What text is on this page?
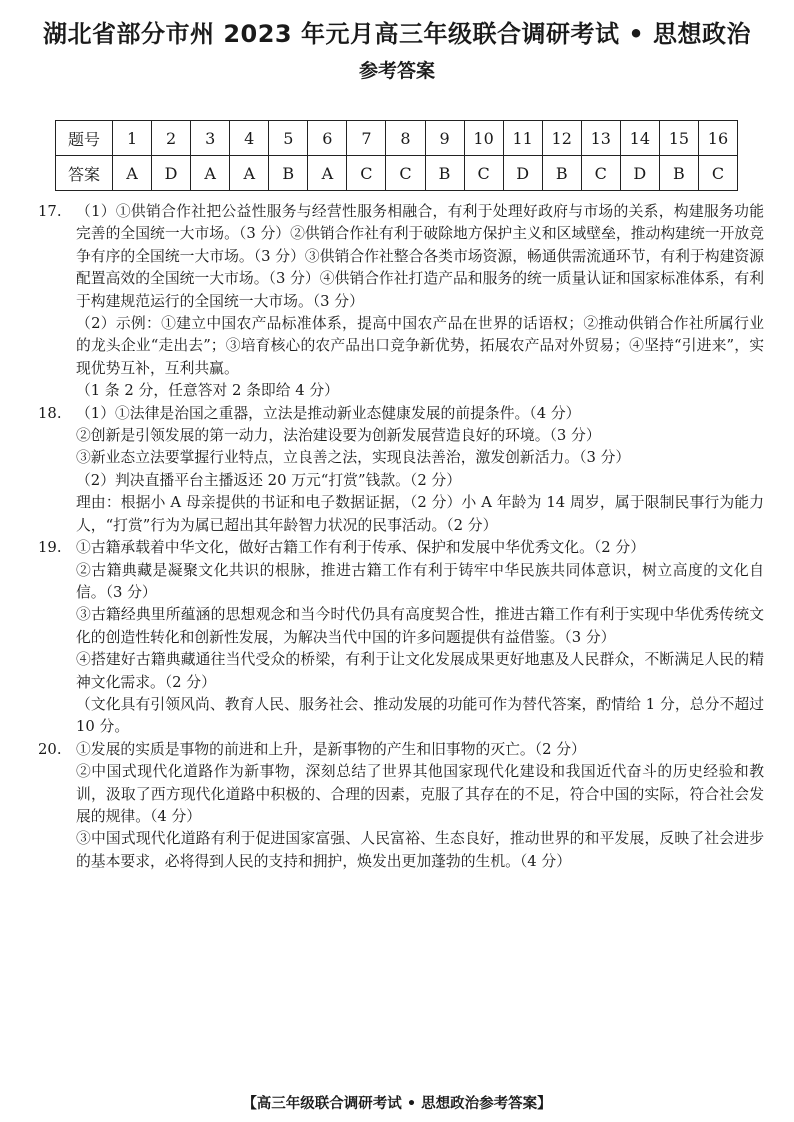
湖北省部分市州 2023 年元月高三年级联合调研考试 • 思想政治
参考答案
题号	1	2	3	4	5	6	7	8	9	10	11	12	13	14	15	16
答案	A	D	A	A	B	A	C	C	B	C	D	B	C	D	B	C
17. （1）①供销合作社把公益性服务与经营性服务相融合，有利于处理好政府与市场的关系，构建服务功能完善的全国统一大市场。（3 分）②供销合作社有利于破除地方保护主义和区域壁垒，推动构建统一开放竞争有序的全国统一大市场。（3 分）③供销合作社整合各类市场资源，畅通供需流通环节，有利于构建资源配置高效的全国统一大市场。（3 分）④供销合作社打造产品和服务的统一质量认证和国家标准体系，有利于构建规范运行的全国统一大市场。（3 分）

（2）示例：①建立中国农产品标准体系，提高中国农产品在世界的话语权；②推动供销合作社所属行业的龙头企业“走出去”；③培育核心的农产品出口竞争新优势，拓展农产品对外贸易；④坚持“引进来”，实现优势互补，互利共赢。

（1 条 2 分，任意答对 2 条即给 4 分）

18. （1）①法律是治国之重器，立法是推动新业态健康发展的前提条件。（4 分）

②创新是引领发展的第一动力，法治建设要为创新发展营造良好的环境。（3 分）

③新业态立法要掌握行业特点，立良善之法，实现良法善治，激发创新活力。（3 分）

（2）判决直播平台主播返还 20 万元“打赏”钱款。（2 分）

理由：根据小 A 母亲提供的书证和电子数据证据，（2 分）小 A 年龄为 14 周岁，属于限制民事行为能力人，“打赏”行为为属已超出其年龄智力状况的民事活动。（2 分）

19. ①古籍承载着中华文化，做好古籍工作有利于传承、保护和发展中华优秀文化。（2 分）

②古籍典藏是凝聚文化共识的根脉，推进古籍工作有利于铸牢中华民族共同体意识，树立高度的文化自信。（3 分）

③古籍经典里所蕴涵的思想观念和当今时代仍具有高度契合性，推进古籍工作有利于实现中华优秀传统文化的创造性转化和创新性发展，为解决当代中国的许多问题提供有益借鉴。（3 分）

④搭建好古籍典藏通往当代受众的桥梁，有利于让文化发展成果更好地惠及人民群众，不断满足人民的精神文化需求。（2 分）

（文化具有引领风尚、教育人民、服务社会、推动发展的功能可作为替代答案，酌情给 1 分，总分不超过 10 分。

20. ①发展的实质是事物的前进和上升，是新事物的产生和旧事物的灭亡。（2 分）

②中国式现代化道路作为新事物，深刻总结了世界其他国家现代化建设和我国近代奋斗的历史经验和教训，汲取了西方现代化道路中积极的、合理的因素，克服了其存在的不足，符合中国的实际，符合社会发展的规律。（4 分）

③中国式现代化道路有利于促进国家富强、人民富裕、生态良好，推动世界的和平发展，反映了社会进步的基本要求，必将得到人民的支持和拥护，焕发出更加蓬勃的生机。（4 分）

【高三年级联合调研考试 • 思想政治参考答案】
